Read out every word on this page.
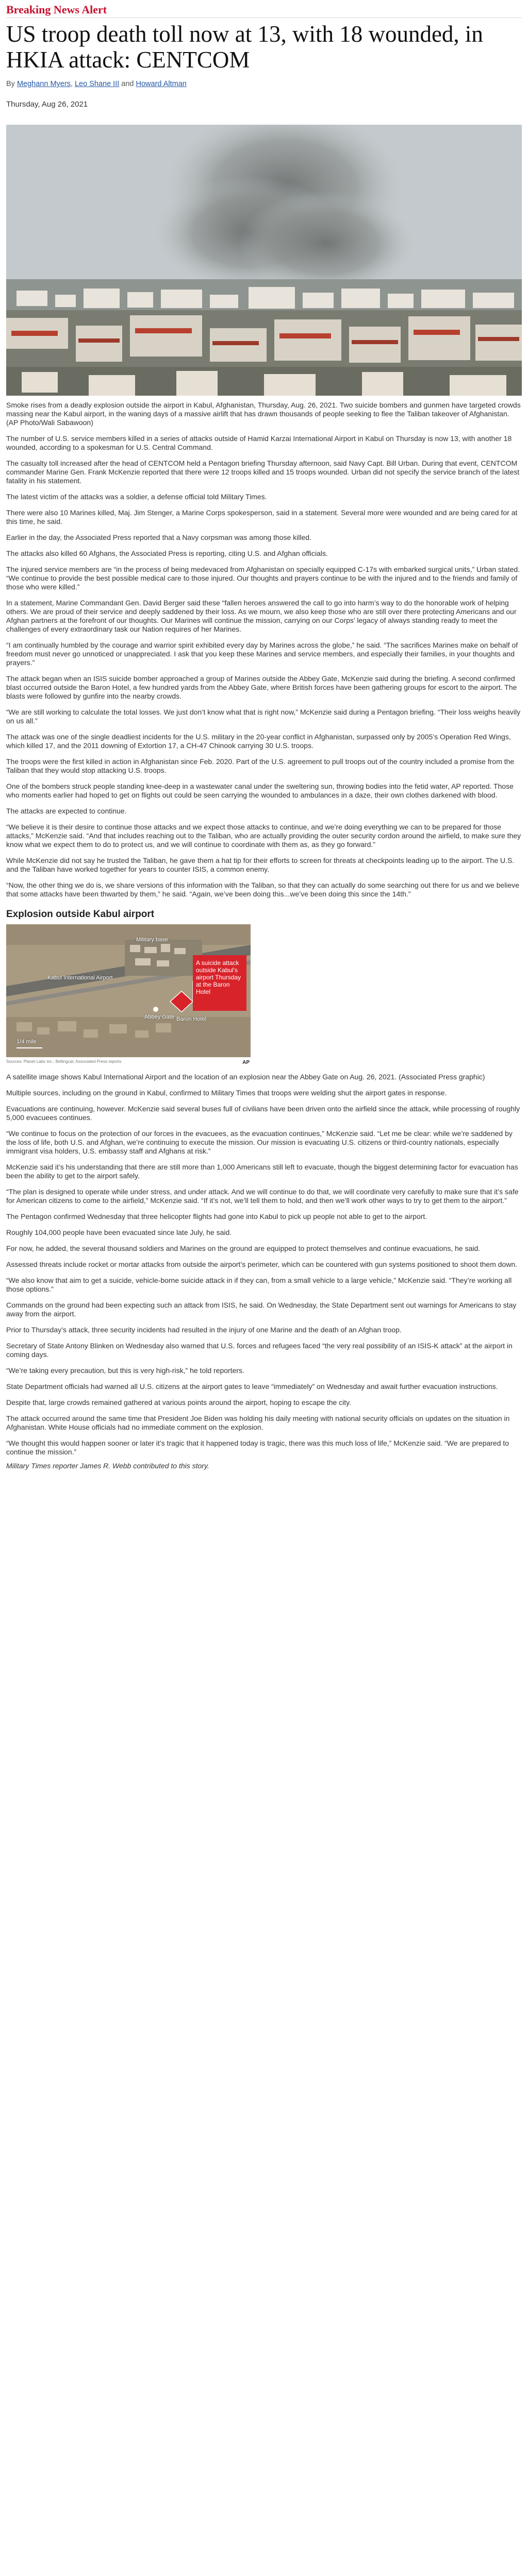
Breaking News Alert
US troop death toll now at 13, with 18 wounded, in HKIA attack: CENTCOM
By Meghann Myers, Leo Shane III and Howard Altman
Thursday, Aug 26, 2021

Smoke rises from a deadly explosion outside the airport in Kabul, Afghanistan, Thursday, Aug. 26, 2021. Two suicide bombers and gunmen have targeted crowds massing near the Kabul airport, in the waning days of a massive airlift that has drawn thousands of people seeking to flee the Taliban takeover of Afghanistan. (AP Photo/Wali Sabawoon)

The number of U.S. service members killed in a series of attacks outside of Hamid Karzai International Airport in Kabul on Thursday is now 13, with another 18 wounded, according to a spokesman for U.S. Central Command.

The casualty toll increased after the head of CENTCOM held a Pentagon briefing Thursday afternoon, said Navy Capt. Bill Urban. During that event, CENTCOM commander Marine Gen. Frank McKenzie reported that there were 12 troops killed and 15 troops wounded. Urban did not specify the service branch of the latest fatality in his statement.

The latest victim of the attacks was a soldier, a defense official told Military Times.

There were also 10 Marines killed, Maj. Jim Stenger, a Marine Corps spokesperson, said in a statement. Several more were wounded and are being cared for at this time, he said.

Earlier in the day, the Associated Press reported that a Navy corpsman was among those killed.

The attacks also killed 60 Afghans, the Associated Press is reporting, citing U.S. and Afghan officials.

The injured service members are “in the process of being medevaced from Afghanistan on specially equipped C-17s with embarked surgical units,” Urban stated. “We continue to provide the best possible medical care to those injured. Our thoughts and prayers continue to be with the injured and to the friends and family of those who were killed.”

In a statement, Marine Commandant Gen. David Berger said these “fallen heroes answered the call to go into harm’s way to do the honorable work of helping others. We are proud of their service and deeply saddened by their loss. As we mourn, we also keep those who are still over there protecting Americans and our Afghan partners at the forefront of our thoughts. Our Marines will continue the mission, carrying on our Corps’ legacy of always standing ready to meet the challenges of every extraordinary task our Nation requires of her Marines.

“I am continually humbled by the courage and warrior spirit exhibited every day by Marines across the globe,” he said. “The sacrifices Marines make on behalf of freedom must never go unnoticed or unappreciated. I ask that you keep these Marines and service members, and especially their families, in your thoughts and prayers.”

The attack began when an ISIS suicide bomber approached a group of Marines outside the Abbey Gate, McKenzie said during the briefing. A second confirmed blast occurred outside the Baron Hotel, a few hundred yards from the Abbey Gate, where British forces have been gathering groups for escort to the airport. The blasts were followed by gunfire into the nearby crowds.

“We are still working to calculate the total losses. We just don’t know what that is right now,” McKenzie said during a Pentagon briefing. “Their loss weighs heavily on us all.”

The attack was one of the single deadliest incidents for the U.S. military in the 20-year conflict in Afghanistan, surpassed only by 2005’s Operation Red Wings, which killed 17, and the 2011 downing of Extortion 17, a CH-47 Chinook carrying 30 U.S. troops.

The troops were the first killed in action in Afghanistan since Feb. 2020. Part of the U.S. agreement to pull troops out of the country included a promise from the Taliban that they would stop attacking U.S. troops.

One of the bombers struck people standing knee-deep in a wastewater canal under the sweltering sun, throwing bodies into the fetid water, AP reported. Those who moments earlier had hoped to get on flights out could be seen carrying the wounded to ambulances in a daze, their own clothes darkened with blood.

The attacks are expected to continue.

“We believe it is their desire to continue those attacks and we expect those attacks to continue, and we’re doing everything we can to be prepared for those attacks,” McKenzie said. “And that includes reaching out to the Taliban, who are actually providing the outer security cordon around the airfield, to make sure they know what we expect them to do to protect us, and we will continue to coordinate with them as, as they go forward.”

While McKenzie did not say he trusted the Taliban, he gave them a hat tip for their efforts to screen for threats at checkpoints leading up to the airport. The U.S. and the Taliban have worked together for years to counter ISIS, a common enemy.

“Now, the other thing we do is, we share versions of this information with the Taliban, so that they can actually do some searching out there for us and we believe that some attacks have been thwarted by them,” he said. “Again, we’ve been doing this...we’ve been doing this since the 14th.”

Explosion outside Kabul airport
Military base
Kabul International Airport
Abbey Gate Baron Hotel
1/4 mile
A suicide attack outside Kabul's airport Thursday at the Baron Hotel
Sources: Planet Labs Inc.; Bellingcat; Associated Press reports	AP

A satellite image shows Kabul International Airport and the location of an explosion near the Abbey Gate on Aug. 26, 2021. (Associated Press graphic)

Multiple sources, including on the ground in Kabul, confirmed to Military Times that troops were welding shut the airport gates in response.

Evacuations are continuing, however. McKenzie said several buses full of civilians have been driven onto the airfield since the attack, while processing of roughly 5,000 evacuees continues.

“We continue to focus on the protection of our forces in the evacuees, as the evacuation continues,” McKenzie said. “Let me be clear: while we’re saddened by the loss of life, both U.S. and Afghan, we’re continuing to execute the mission. Our mission is evacuating U.S. citizens or third-country nationals, especially immigrant visa holders, U.S. embassy staff and Afghans at risk.”

McKenzie said it’s his understanding that there are still more than 1,000 Americans still left to evacuate, though the biggest determining factor for evacuation has been the ability to get to the airport safely.

“The plan is designed to operate while under stress, and under attack. And we will continue to do that, we will coordinate very carefully to make sure that it’s safe for American citizens to come to the airfield,” McKenzie said. “If it’s not, we’ll tell them to hold, and then we’ll work other ways to try to get them to the airport.”

The Pentagon confirmed Wednesday that three helicopter flights had gone into Kabul to pick up people not able to get to the airport.

Roughly 104,000 people have been evacuated since late July, he said.

For now, he added, the several thousand soldiers and Marines on the ground are equipped to protect themselves and continue evacuations, he said.

Assessed threats include rocket or mortar attacks from outside the airport’s perimeter, which can be countered with gun systems positioned to shoot them down.

“We also know that aim to get a suicide, vehicle-borne suicide attack in if they can, from a small vehicle to a large vehicle,” McKenzie said. “They’re working all those options.”

Commands on the ground had been expecting such an attack from ISIS, he said. On Wednesday, the State Department sent out warnings for Americans to stay away from the airport.

Prior to Thursday’s attack, three security incidents had resulted in the injury of one Marine and the death of an Afghan troop.

Secretary of State Antony Blinken on Wednesday also warned that U.S. forces and refugees faced “the very real possibility of an ISIS-K attack” at the airport in coming days.

“We’re taking every precaution, but this is very high-risk,” he told reporters.

State Department officials had warned all U.S. citizens at the airport gates to leave “immediately” on Wednesday and await further evacuation instructions.

Despite that, large crowds remained gathered at various points around the airport, hoping to escape the city.

The attack occurred around the same time that President Joe Biden was holding his daily meeting with national security officials on updates on the situation in Afghanistan. White House officials had no immediate comment on the explosion.

“We thought this would happen sooner or later it’s tragic that it happened today is tragic, there was this much loss of life,” McKenzie said. “We are prepared to continue the mission.”

Military Times reporter James R. Webb contributed to this story.
